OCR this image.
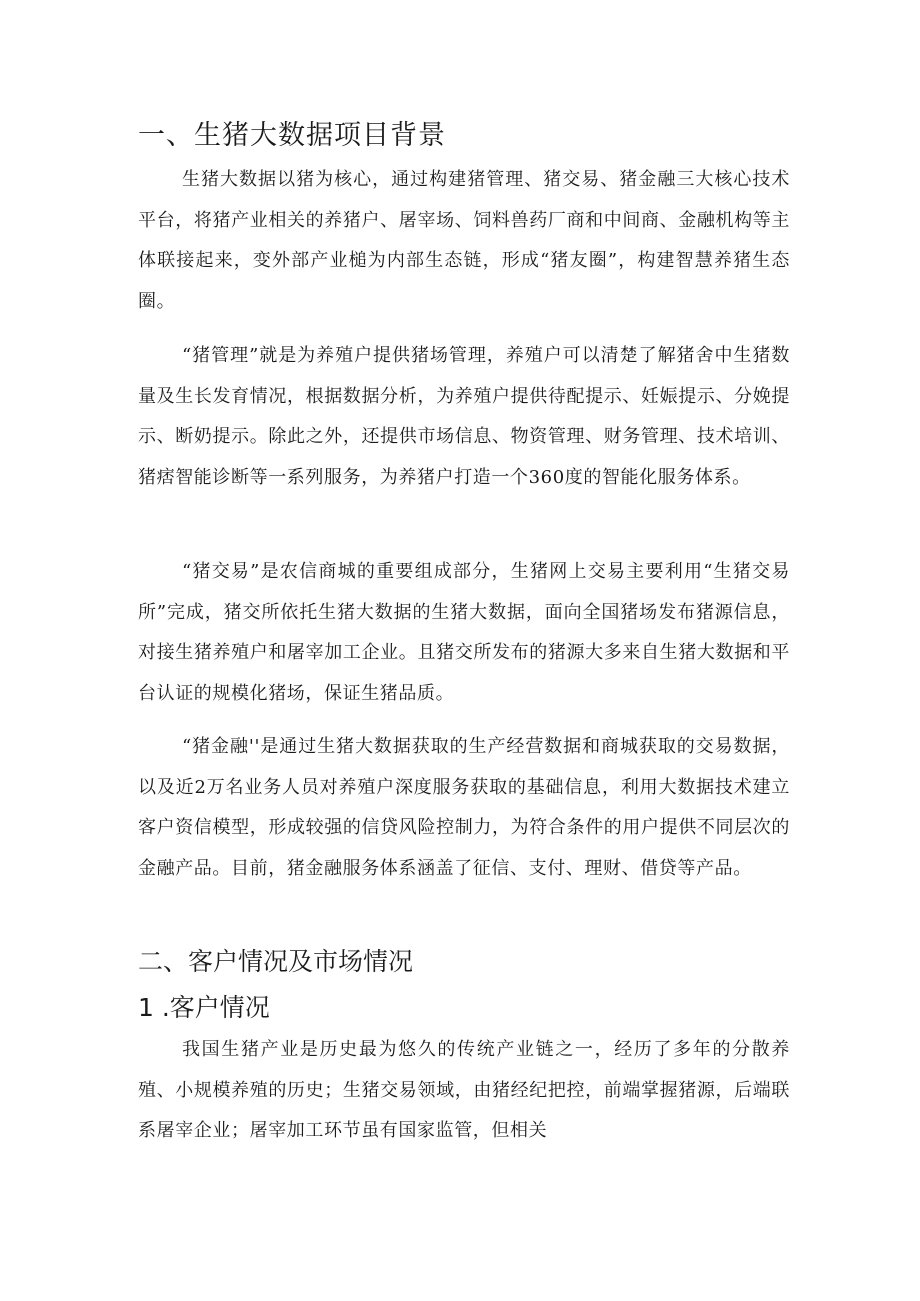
一、生猪大数据项目背景

生猪大数据以猪为核心，通过构建猪管理、猪交易、猪金融三大核心技术平台，将猪产业相关的养猪户、屠宰场、饲料兽药厂商和中间商、金融机构等主体联接起来，变外部产业槌为内部生态链，形成“猪友圈”，构建智慧养猪生态圈。

“猪管理”就是为养殖户提供猪场管理，养殖户可以清楚了解猪舍中生猪数量及生长发育情况，根据数据分析，为养殖户提供待配提示、妊娠提示、分娩提示、断奶提示。除此之外，还提供市场信息、物资管理、财务管理、技术培训、猪痞智能诊断等一系列服务，为养猪户打造一个360度的智能化服务体系。

“猪交易”是农信商城的重要组成部分，生猪网上交易主要利用“生猪交易所”完成，猪交所依托生猪大数据的生猪大数据，面向全国猪场发布猪源信息，对接生猪养殖户和屠宰加工企业。且猪交所发布的猪源大多来自生猪大数据和平台认证的规模化猪场，保证生猪品质。

“猪金融''是通过生猪大数据获取的生产经营数据和商城获取的交易数据，以及近2万名业务人员对养殖户深度服务获取的基础信息，利用大数据技术建立客户资信模型，形成较强的信贷风险控制力，为符合条件的用户提供不同层次的金融产品。目前，猪金融服务体系涵盖了征信、支付、理财、借贷等产品。

二、客户情况及市场情况
1 .客户情况

我国生猪产业是历史最为悠久的传统产业链之一，经历了多年的分散养殖、小规模养殖的历史；生猪交易领域，由猪经纪把控，前端掌握猪源，后端联系屠宰企业；屠宰加工环节虽有国家监管，但相关
